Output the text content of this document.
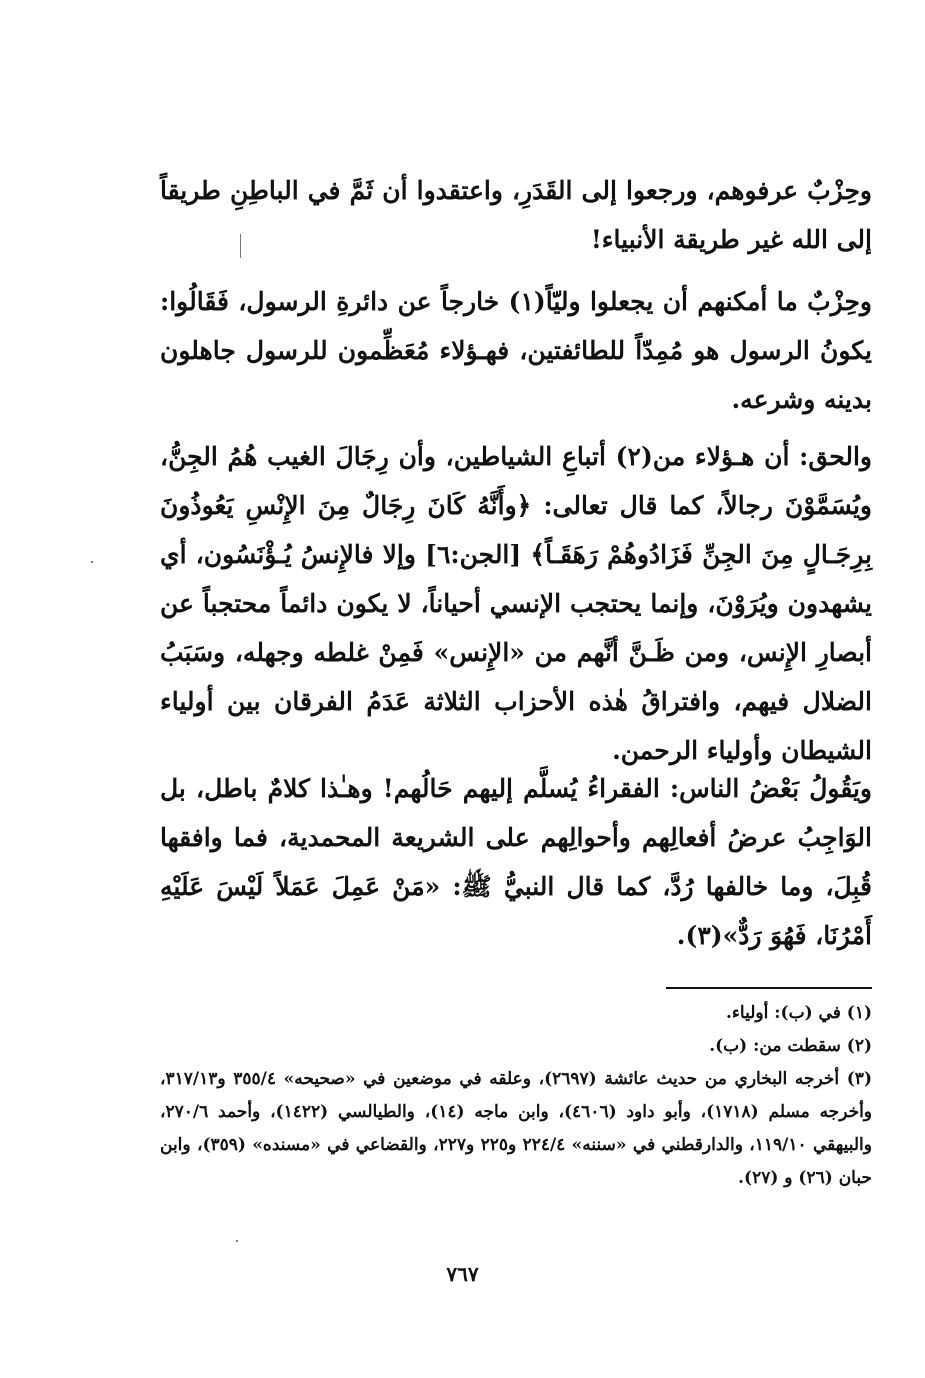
وحِزْبٌ عرفوهم، ورجعوا إلى القَدَرِ، واعتقدوا أن ثَمَّ في الباطِنِ طريقاً إلى الله غير طريقة الأنبياء!

وحِزْبٌ ما أمكنهم أن يجعلوا وليّاً(١) خارجاً عن دائرةِ الرسول، فَقَالُوا: يكونُ الرسول هو مُمِدّاً للطائفتين، فهـؤلاء مُعَظِّمون للرسول جاهلون بدينه وشرعه.

والحق: أن هـؤلاء من(٢) أتباعِ الشياطين، وأن رِجَالَ الغيب هُمُ الجِنُّ، ويُسَمَّوْنَ رجالاً، كما قال تعالى: ﴿وأَنَّهُ كَانَ رِجَالٌ مِنَ الإِنْسِ يَعُوذُونَ بِرِجَـالٍ مِنَ الجِنِّ فَزَادُوهُمْ رَهَقَـاً﴾ [الجن:٦] وإلا فالإِنسُ يُـؤْنَسُون، أي يشهدون ويُرَوْنَ، وإنما يحتجب الإنسي أحياناً، لا يكون دائماً محتجباً عن أبصارِ الإِنس، ومن ظَـنَّ أنَّهم من «الإِنس» فَمِنْ غلطه وجهله، وسَبَبُ الضلال فيهم، وافتراقُ هٰذه الأحزاب الثلاثة عَدَمُ الفرقان بين أولياء الشيطان وأولياء الرحمن.

ويَقُولُ بَعْضُ الناس: الفقراءُ يُسلَّم إليهم حَالُهم! وهـٰذا كلامٌ باطل، بل الوَاجِبُ عرضُ أفعالِهم وأحوالِهم على الشريعة المحمدية، فما وافقها قُبِلَ، وما خالفها رُدَّ، كما قال النبيُّ ﷺ: «مَنْ عَمِلَ عَمَلاً لَيْسَ عَلَيْهِ أَمْرُنَا، فَهُوَ رَدٌّ»(٣).

(١) في (ب): أولياء.

(٢) سقطت من: (ب).

(٣) أخرجه البخاري من حديث عائشة (٢٦٩٧)، وعلقه في موضعين في «صحيحه» ٣٥٥/٤ و٣١٧/١٣، وأخرجه مسلم (١٧١٨)، وأبو داود (٤٦٠٦)، وابن ماجه (١٤)، والطيالسي (١٤٢٢)، وأحمد ٢٧٠/٦، والبيهقي ١١٩/١٠، والدارقطني في «سننه» ٢٢٤/٤ و٢٢٥ و٢٢٧، والقضاعي في «مسنده» (٣٥٩)، وابن حبان (٢٦) و (٢٧).

٧٦٧
